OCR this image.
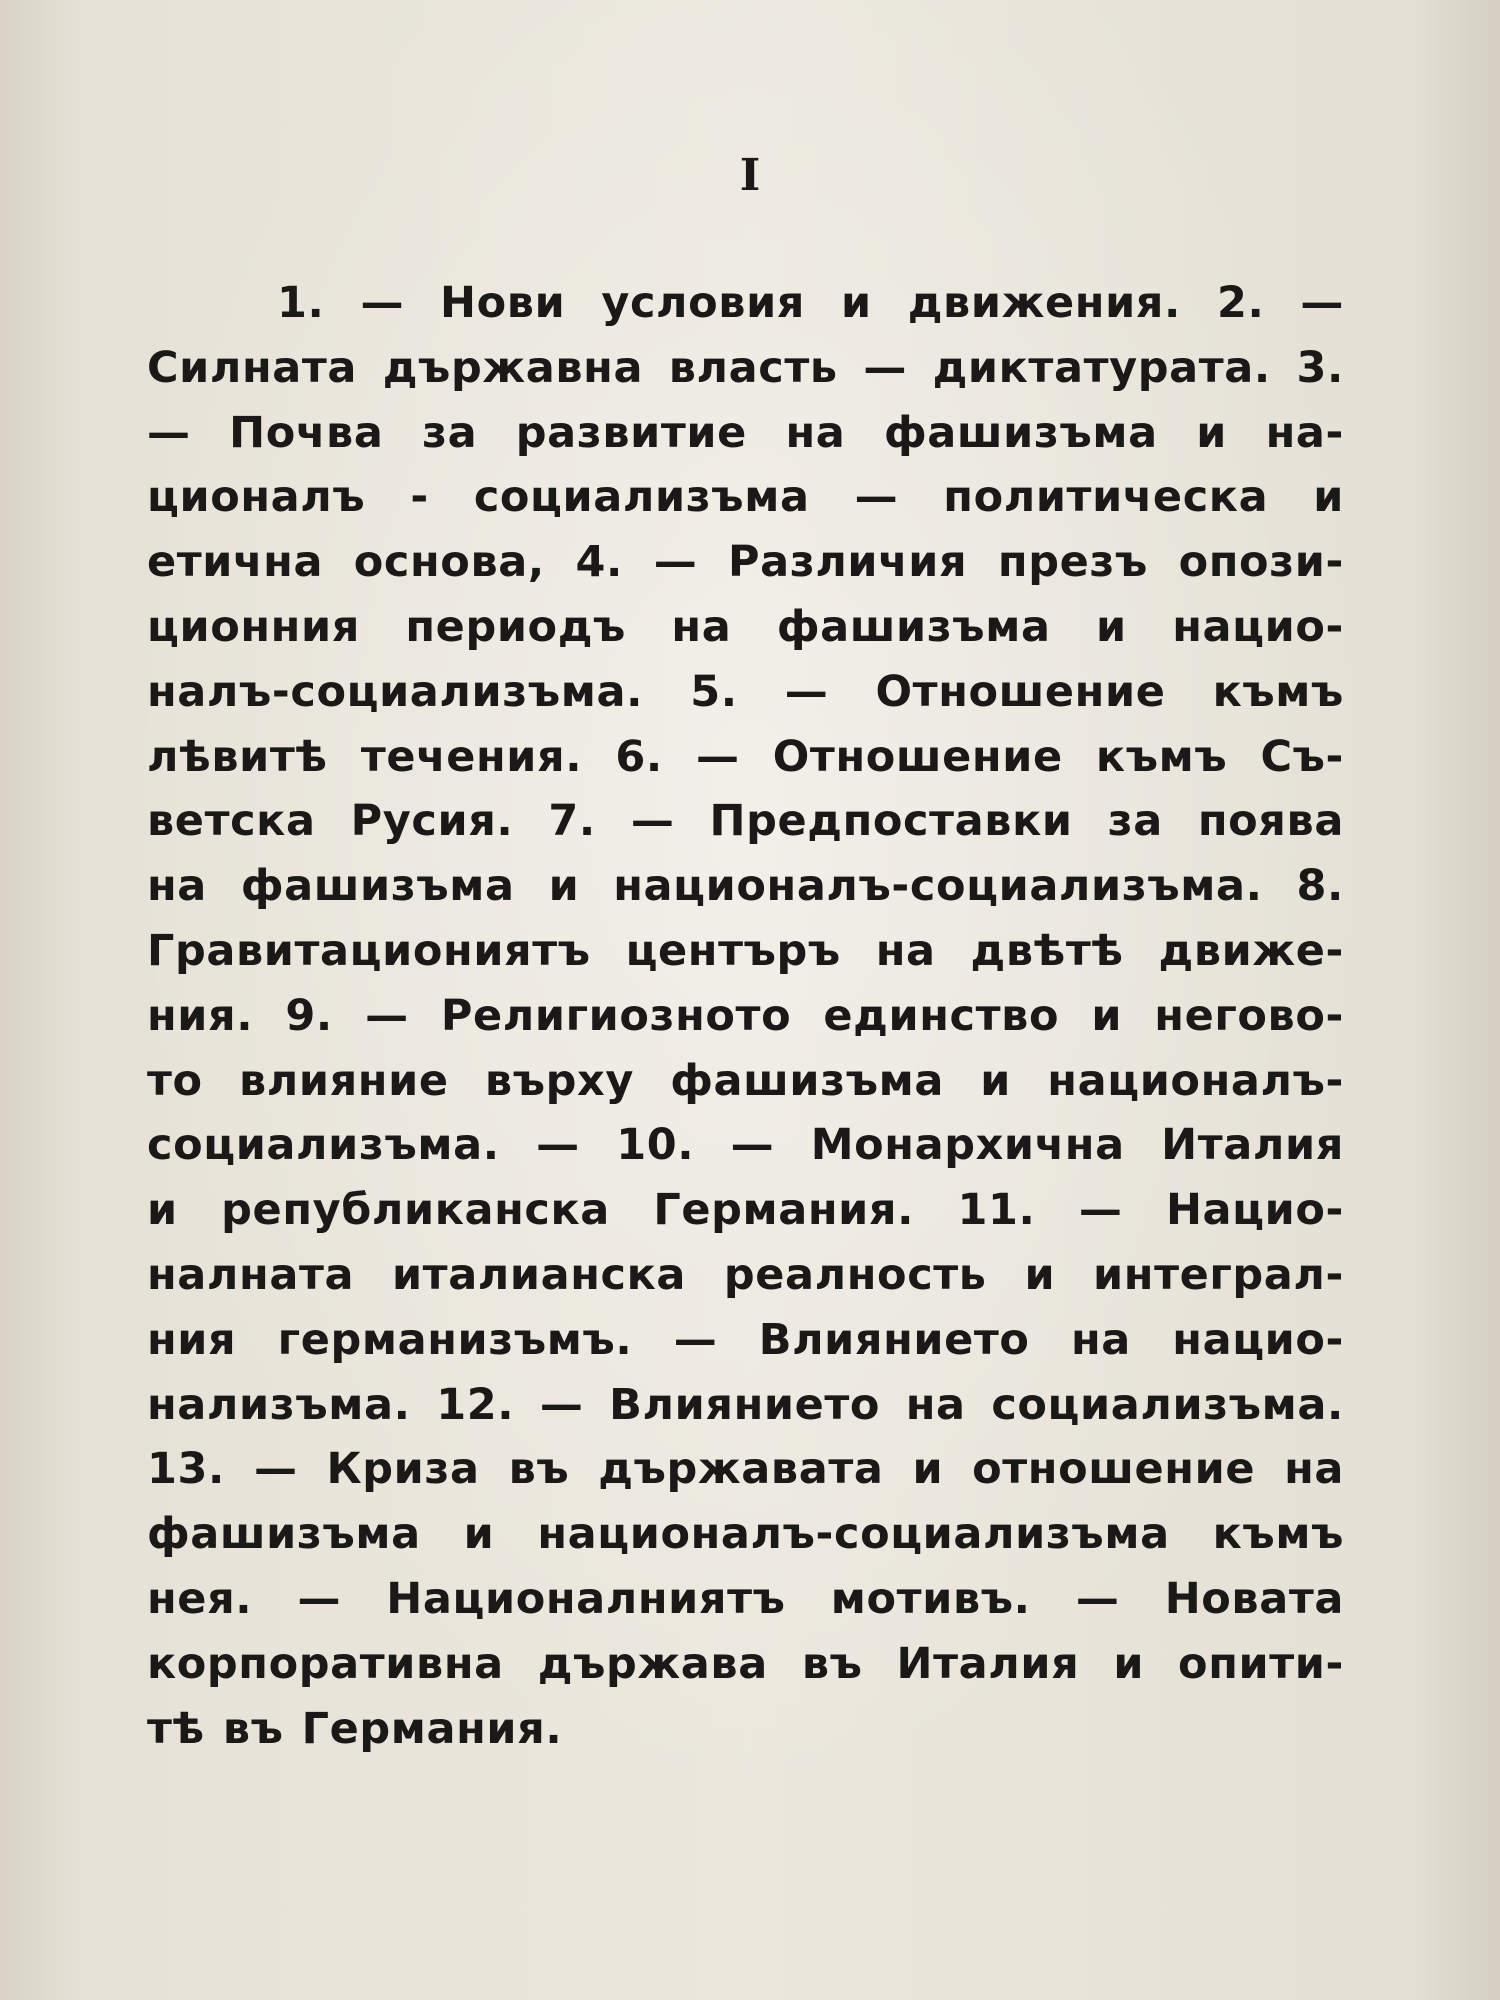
I
1. — Нови условия и движения. 2. —
Силната държавна власть — диктатурата. 3.
— Почва за развитие на фашизъма и на-
ционалъ - социализъма — политическа и
етична основа, 4. — Различия презъ опози-
ционния периодъ на фашизъма и нацио-
налъ-социализъма. 5. — Отношение къмъ
лѣвитѣ течения. 6. — Отношение къмъ Съ-
ветска Русия. 7. — Предпоставки за поява
на фашизъма и националъ-социализъма. 8.
Гравитациониятъ центъръ на двѣтѣ движе-
ния. 9. — Религиозното единство и негово-
то влияние върху фашизъма и националъ-
социализъма. — 10. — Монархична Италия
и републиканска Германия. 11. — Нацио-
налната италианска реалность и интеграл-
ния германизъмъ. — Влиянието на нацио-
нализъма. 12. — Влиянието на социализъма.
13. — Криза въ държавата и отношение на
фашизъма и националъ-социализъма къмъ
нея. — Националниятъ мотивъ. — Новата
корпоративна държава въ Италия и опити-
тѣ въ Германия.
